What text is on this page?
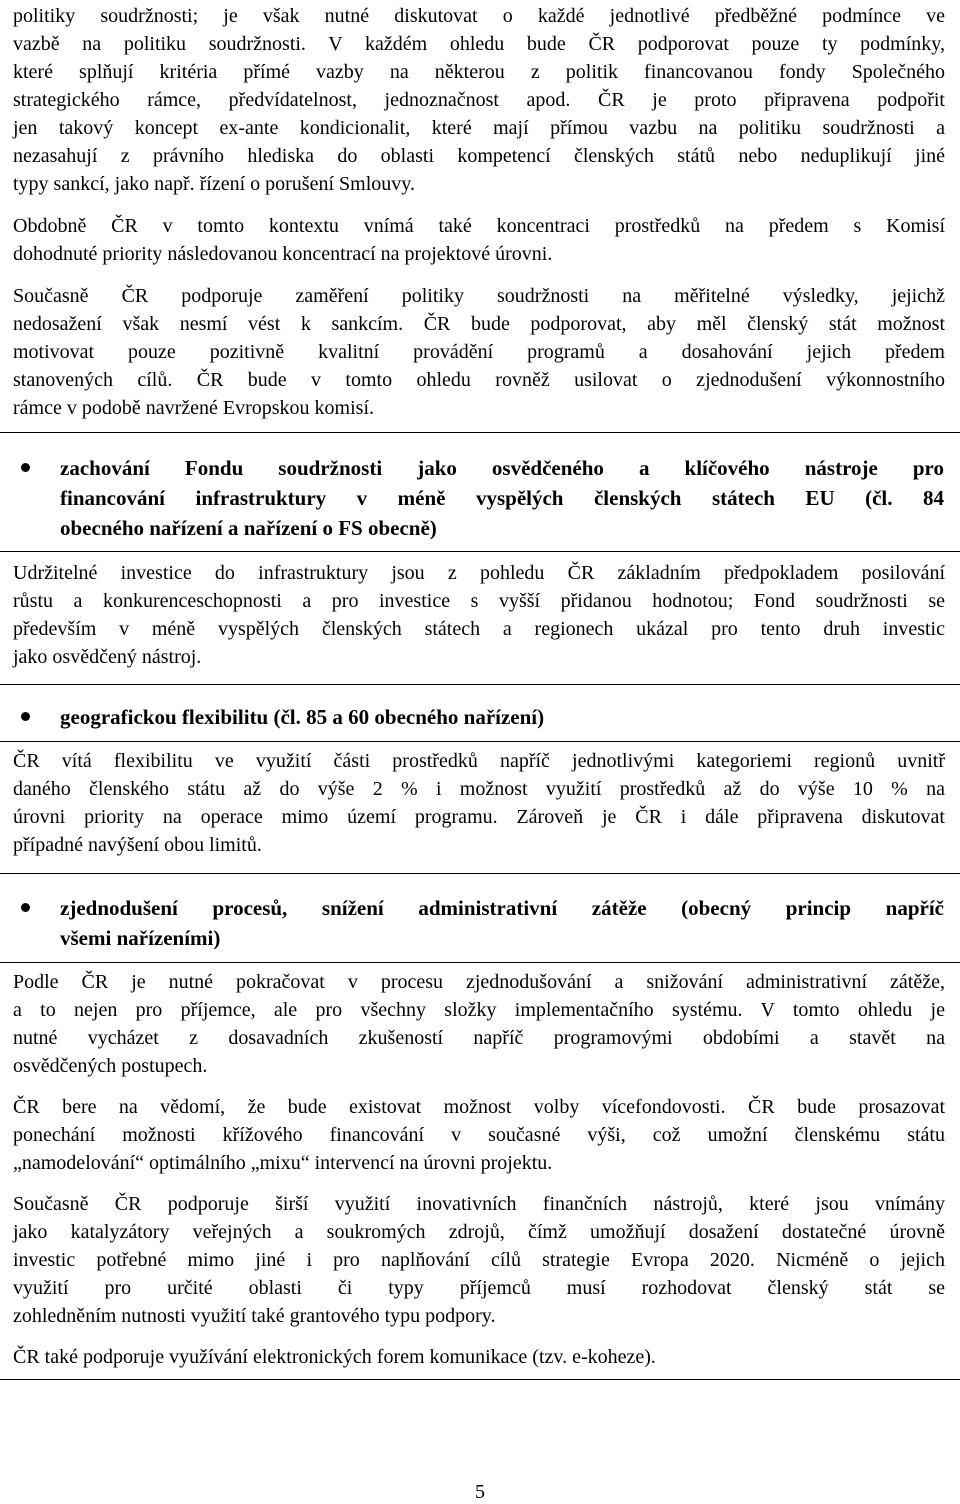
politiky soudržnosti; je však nutné diskutovat o každé jednotlivé předběžné podmínce ve
vazbě na politiku soudržnosti. V každém ohledu bude ČR podporovat pouze ty podmínky,
které splňují kritéria přímé vazby na některou z politik financovanou fondy Společného
strategického rámce, předvídatelnost, jednoznačnost apod. ČR je proto připravena podpořit
jen takový koncept ex-ante kondicionalit, které mají přímou vazbu na politiku soudržnosti a
nezasahují z právního hlediska do oblasti kompetencí členských států nebo neduplikují jiné
typy sankcí, jako např. řízení o porušení Smlouvy.
Obdobně ČR v tomto kontextu vnímá také koncentraci prostředků na předem s Komisí
dohodnuté priority následovanou koncentrací na projektové úrovni.
Současně ČR podporuje zaměření politiky soudržnosti na měřitelné výsledky, jejichž
nedosažení však nesmí vést k sankcím. ČR bude podporovat, aby měl členský stát možnost
motivovat pouze pozitivně kvalitní provádění programů a dosahování jejich předem
stanovených cílů. ČR bude v tomto ohledu rovněž usilovat o zjednodušení výkonnostního
rámce v podobě navržené Evropskou komisí.
zachování Fondu soudržnosti jako osvědčeného a klíčového nástroje pro
financování infrastruktury v méně vyspělých členských státech EU (čl. 84
obecného nařízení a nařízení o FS obecně)
Udržitelné investice do infrastruktury jsou z pohledu ČR základním předpokladem posilování
růstu a konkurenceschopnosti a pro investice s vyšší přidanou hodnotou; Fond soudržnosti se
především v méně vyspělých členských státech a regionech ukázal pro tento druh investic
jako osvědčený nástroj.
geografickou flexibilitu (čl. 85 a 60 obecného nařízení)
ČR vítá flexibilitu ve využití části prostředků napříč jednotlivými kategoriemi regionů uvnitř
daného členského státu až do výše 2 % i možnost využití prostředků až do výše 10 % na
úrovni priority na operace mimo území programu. Zároveň je ČR i dále připravena diskutovat
případné navýšení obou limitů.
zjednodušení procesů, snížení administrativní zátěže (obecný princip napříč
všemi nařízeními)
Podle ČR je nutné pokračovat v procesu zjednodušování a snižování administrativní zátěže,
a to nejen pro příjemce, ale pro všechny složky implementačního systému. V tomto ohledu je
nutné vycházet z dosavadních zkušeností napříč programovými obdobími a stavět na
osvědčených postupech.
ČR bere na vědomí, že bude existovat možnost volby vícefondovosti. ČR bude prosazovat
ponechání možnosti křížového financování v současné výši, což umožní členskému státu
„namodelování“ optimálního „mixu“ intervencí na úrovni projektu.
Současně ČR podporuje širší využití inovativních finančních nástrojů, které jsou vnímány
jako katalyzátory veřejných a soukromých zdrojů, čímž umožňují dosažení dostatečné úrovně
investic potřebné mimo jiné i pro naplňování cílů strategie Evropa 2020. Nicméně o jejich
využití pro určité oblasti či typy příjemců musí rozhodovat členský stát se
zohledněním nutnosti využití také grantového typu podpory.
ČR také podporuje využívání elektronických forem komunikace (tzv. e-koheze).
5
